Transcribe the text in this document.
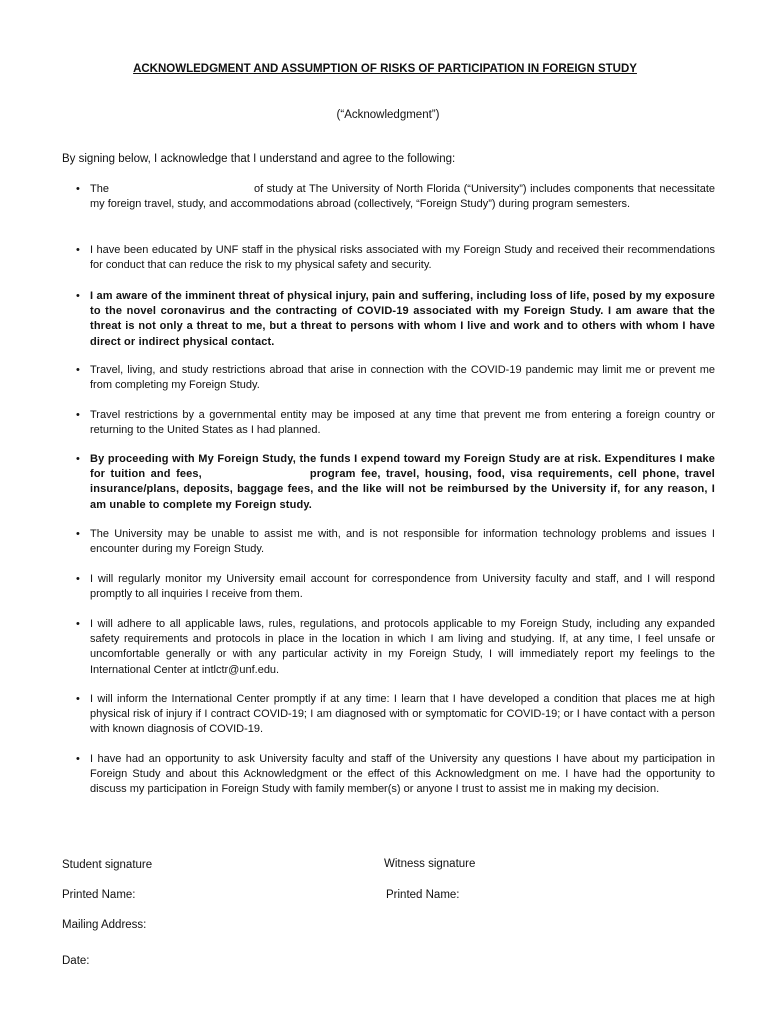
ACKNOWLEDGMENT AND ASSUMPTION OF RISKS OF PARTICIPATION IN FOREIGN STUDY
(“Acknowledgment”)
By signing below, I acknowledge that I understand and agree to the following:
• The	of study at The University of North Florida (“University”) includes components that necessitate my foreign travel, study, and accommodations abroad (collectively, “Foreign Study”) during program semesters.
• I have been educated by UNF staff in the physical risks associated with my Foreign Study and received their recommendations for conduct that can reduce the risk to my physical safety and security.
• I am aware of the imminent threat of physical injury, pain and suffering, including loss of life, posed by my exposure to the novel coronavirus and the contracting of COVID-19 associated with my Foreign Study. I am aware that the threat is not only a threat to me, but a threat to persons with whom I live and work and to others with whom I have direct or indirect physical contact.
• Travel, living, and study restrictions abroad that arise in connection with the COVID-19 pandemic may limit me or prevent me from completing my Foreign Study.
• Travel restrictions by a governmental entity may be imposed at any time that prevent me from entering a foreign country or returning to the United States as I had planned.
• By proceeding with My Foreign Study, the funds I expend toward my Foreign Study are at risk. Expenditures I make for tuition and fees,	program fee, travel, housing, food, visa requirements, cell phone, travel insurance/plans, deposits, baggage fees, and the like will not be reimbursed by the University if, for any reason, I am unable to complete my Foreign study.
• The University may be unable to assist me with, and is not responsible for information technology problems and issues I encounter during my Foreign Study.
• I will regularly monitor my University email account for correspondence from University faculty and staff, and I will respond promptly to all inquiries I receive from them.
• I will adhere to all applicable laws, rules, regulations, and protocols applicable to my Foreign Study, including any expanded safety requirements and protocols in place in the location in which I am living and studying. If, at any time, I feel unsafe or uncomfortable generally or with any particular activity in my Foreign Study, I will immediately report my feelings to the International Center at intlctr@unf.edu.
• I will inform the International Center promptly if at any time: I learn that I have developed a condition that places me at high physical risk of injury if I contract COVID-19; I am diagnosed with or symptomatic for COVID-19; or I have contact with a person with known diagnosis of COVID-19.
• I have had an opportunity to ask University faculty and staff of the University any questions I have about my participation in Foreign Study and about this Acknowledgment or the effect of this Acknowledgment on me. I have had the opportunity to discuss my participation in Foreign Study with family member(s) or anyone I trust to assist me in making my decision.
Student signature	Witness signature
Printed Name:	Printed Name:
Mailing Address:
Date:
